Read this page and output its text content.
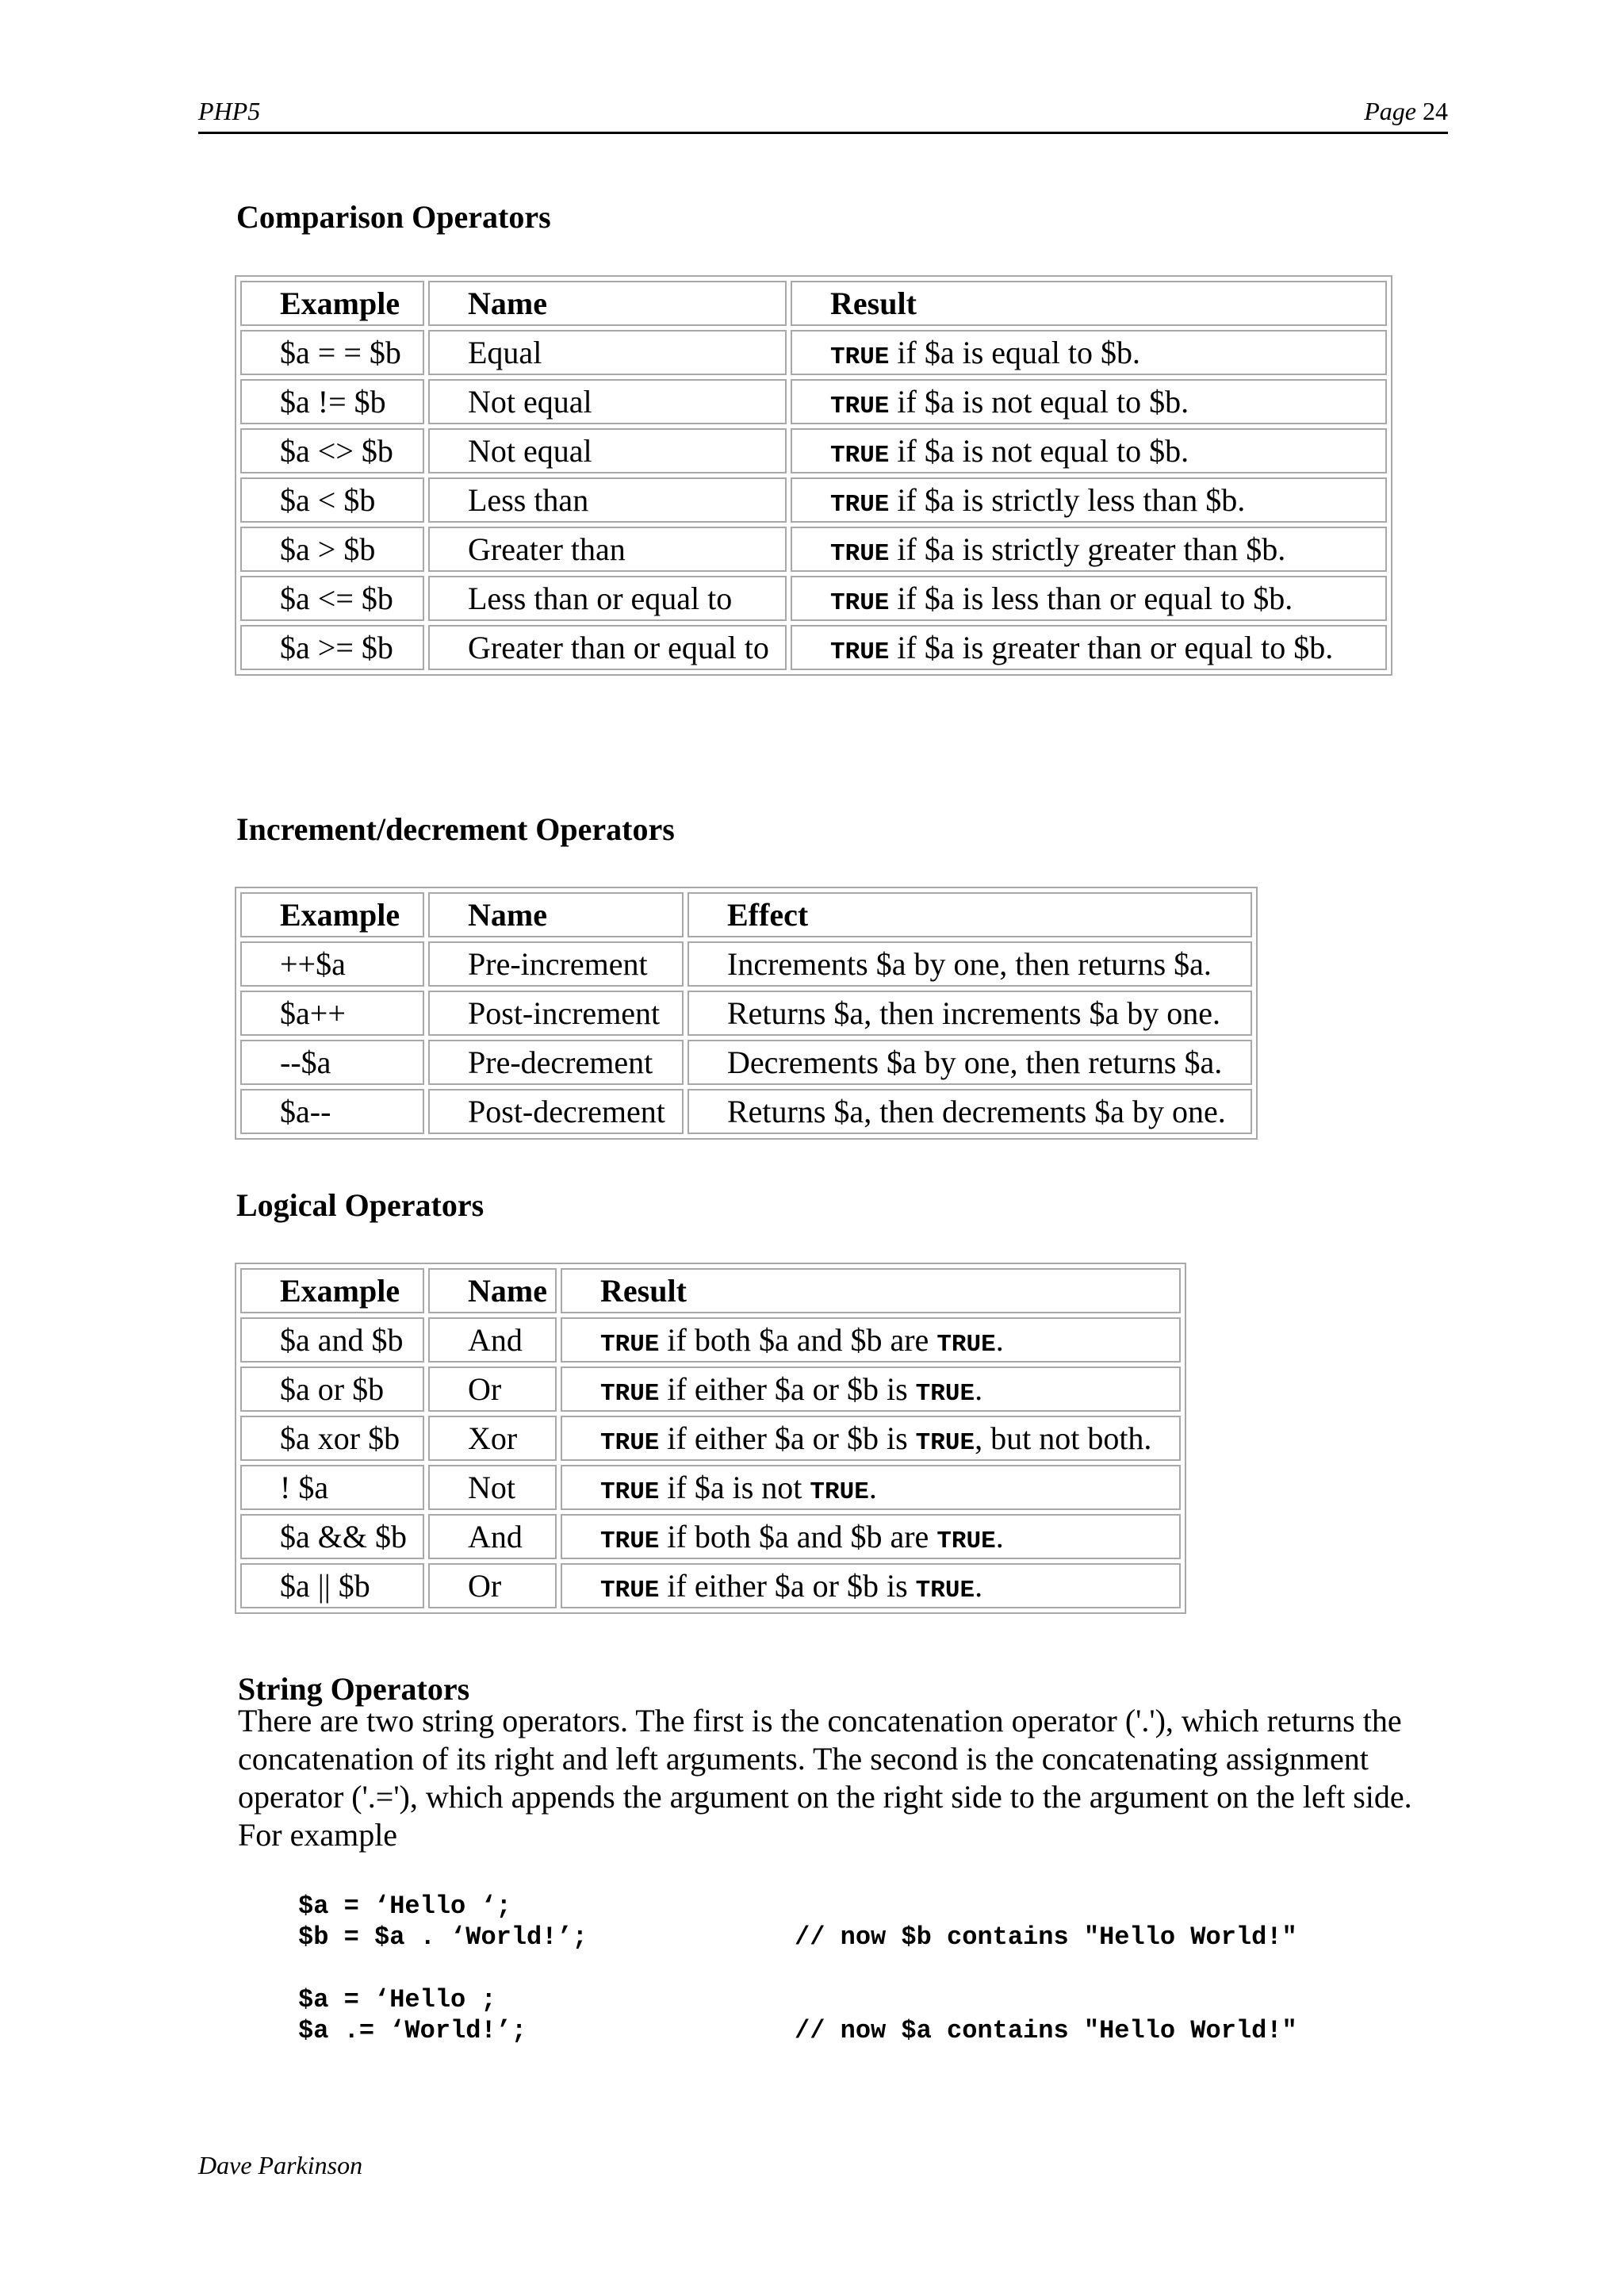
PHP5	Page 24
Comparison Operators
Example	Name	Result
$a = = $b	Equal	TRUE if $a is equal to $b.
$a != $b	Not equal	TRUE if $a is not equal to $b.
$a <> $b	Not equal	TRUE if $a is not equal to $b.
$a < $b	Less than	TRUE if $a is strictly less than $b.
$a > $b	Greater than	TRUE if $a is strictly greater than $b.
$a <= $b	Less than or equal to	TRUE if $a is less than or equal to $b.
$a >= $b	Greater than or equal to	TRUE if $a is greater than or equal to $b.
Increment/decrement Operators
Example	Name	Effect
++$a	Pre-increment	Increments $a by one, then returns $a.
$a++	Post-increment	Returns $a, then increments $a by one.
--$a	Pre-decrement	Decrements $a by one, then returns $a.
$a--	Post-decrement	Returns $a, then decrements $a by one.
Logical Operators
Example	Name	Result
$a and $b	And	TRUE if both $a and $b are TRUE.
$a or $b	Or	TRUE if either $a or $b is TRUE.
$a xor $b	Xor	TRUE if either $a or $b is TRUE, but not both.
! $a	Not	TRUE if $a is not TRUE.
$a && $b	And	TRUE if both $a and $b are TRUE.
$a || $b	Or	TRUE if either $a or $b is TRUE.
String Operators

There are two string operators. The first is the concatenation operator ('.'), which returns the concatenation of its right and left arguments. The second is the concatenating assignment operator ('.='), which appends the argument on the right side to the argument on the left side. For example

$a = ‘Hello ‘;
$b = $a . ‘World!’;	// now $b contains "Hello World!"
$a = ‘Hello ;
$a .= ‘World!’;	// now $a contains "Hello World!"
Dave Parkinson
